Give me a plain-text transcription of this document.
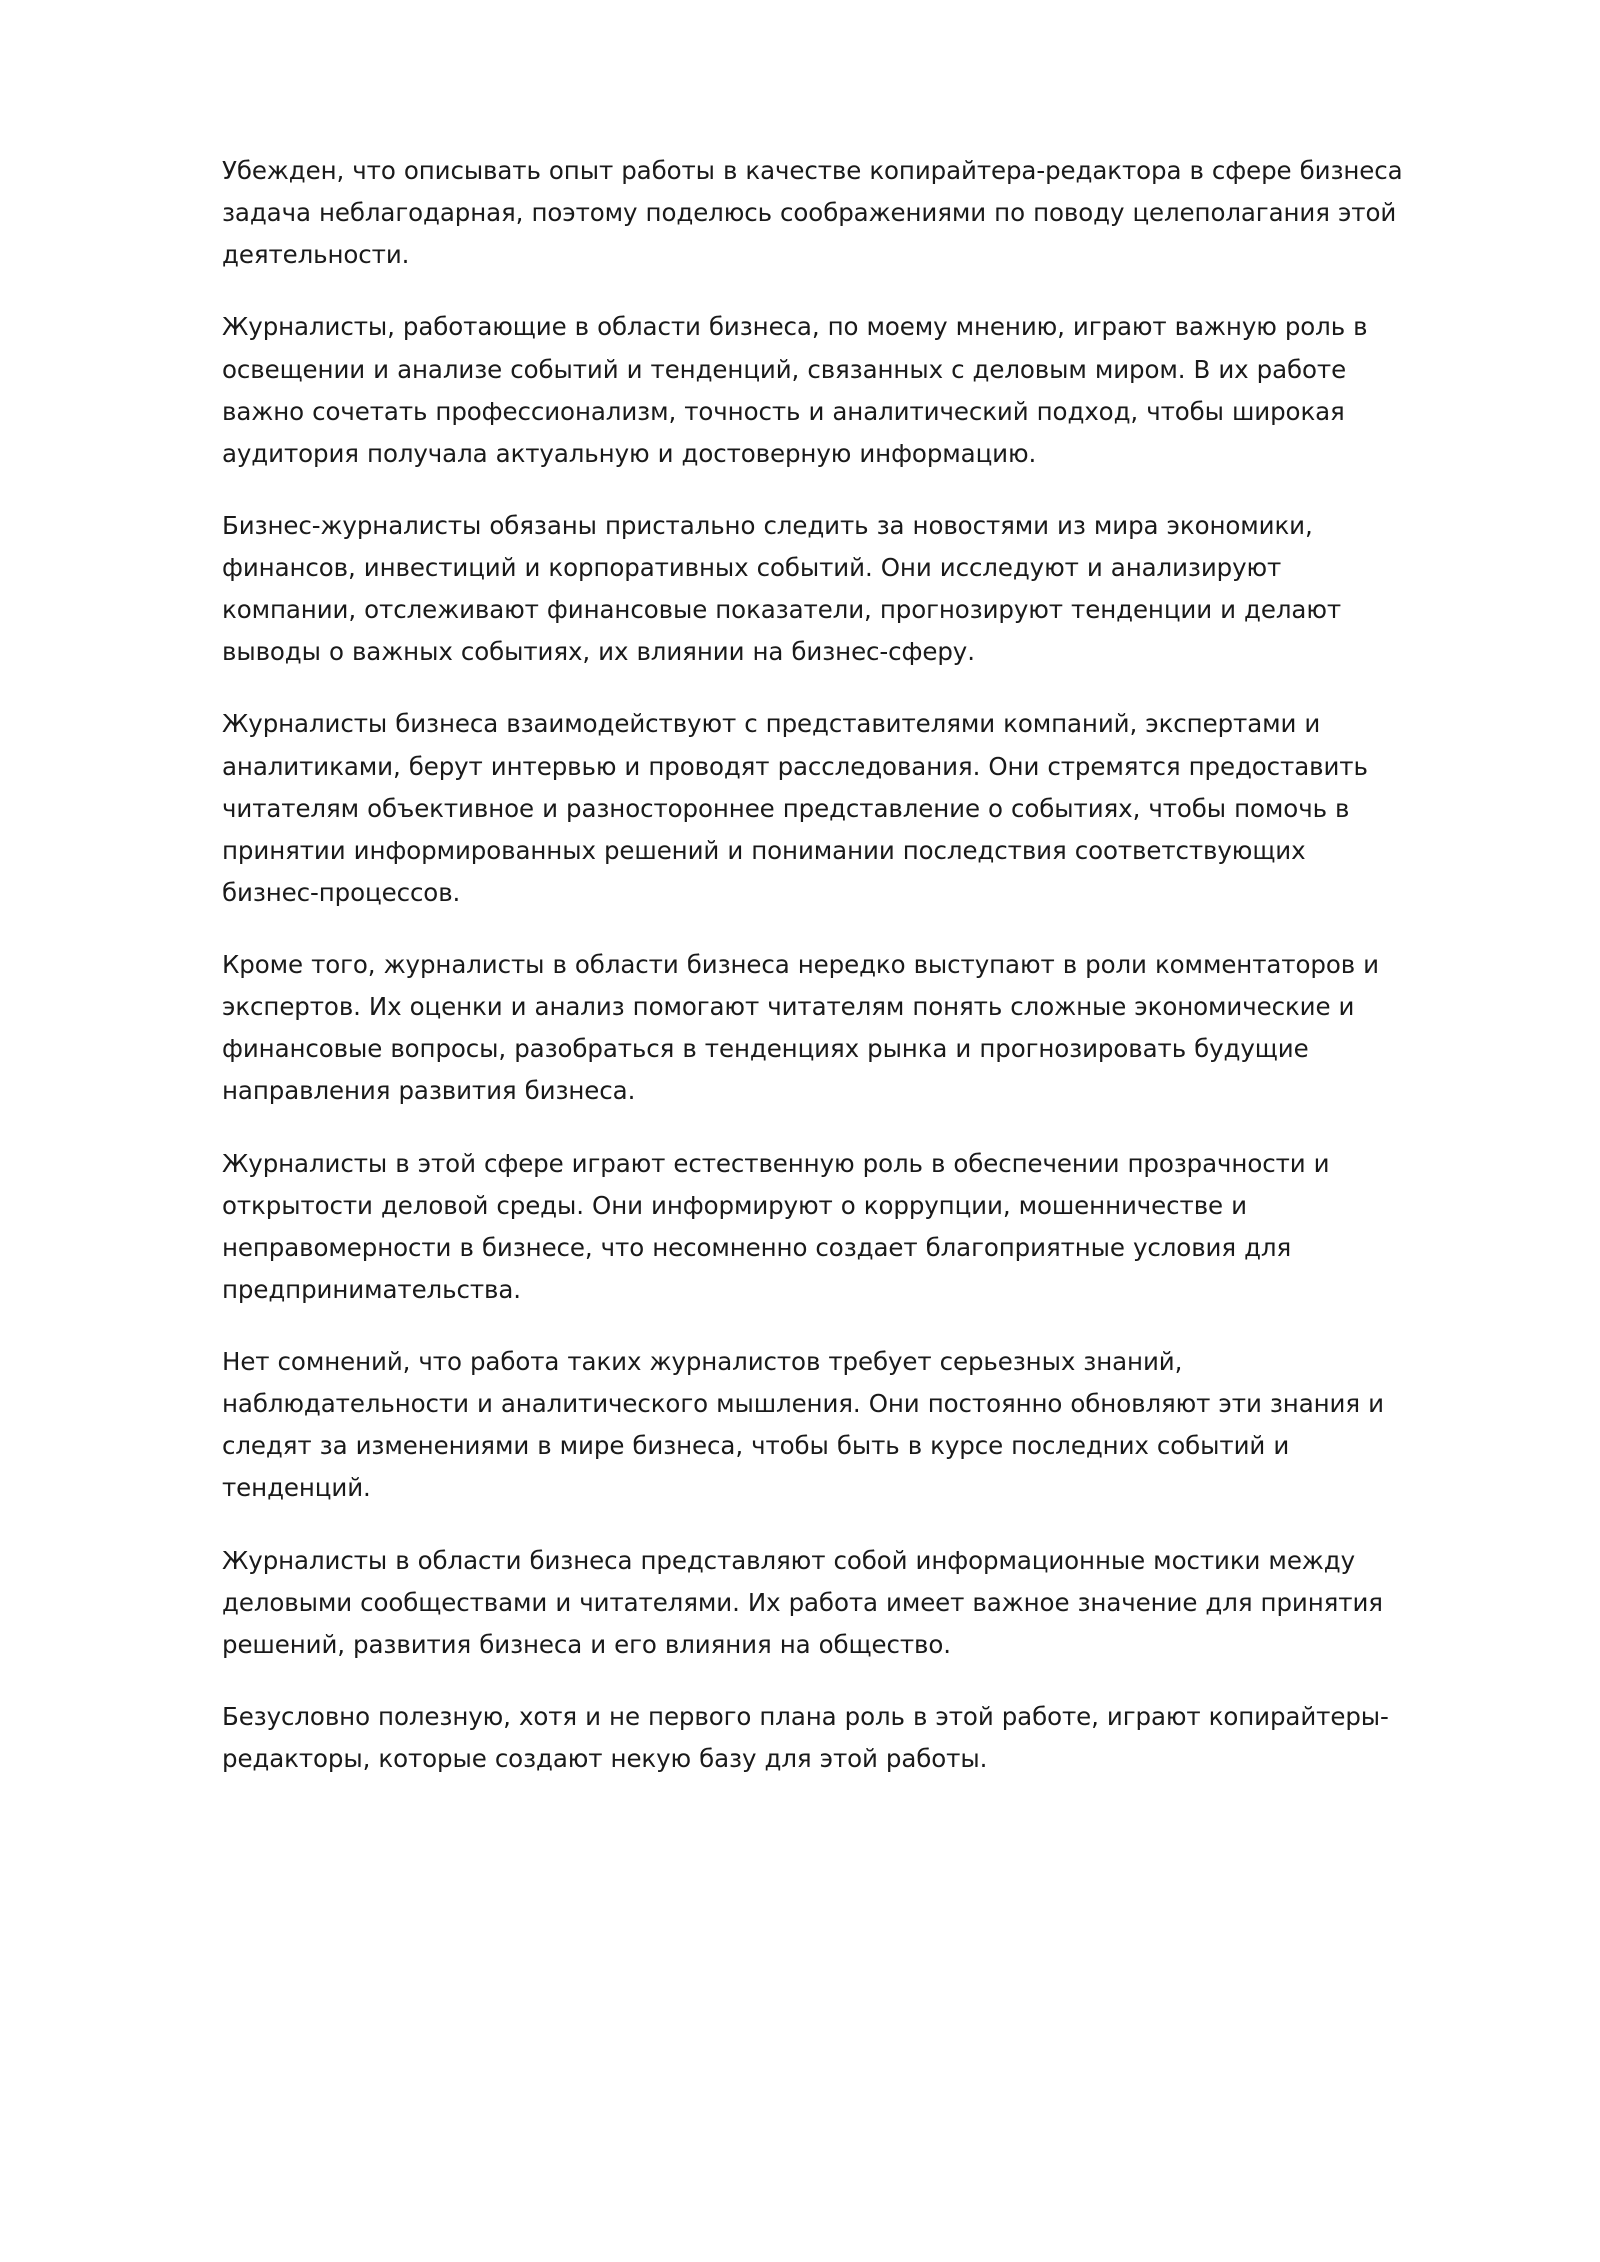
Убежден, что описывать опыт работы в качестве копирайтера-редактора в сфере бизнеса задача неблагодарная, поэтому поделюсь соображениями по поводу целеполагания этой деятельности.

Журналисты, работающие в области бизнеса, по моему мнению, играют важную роль в освещении и анализе событий и тенденций, связанных с деловым миром. В их работе важно сочетать профессионализм, точность и аналитический подход, чтобы широкая аудитория получала актуальную и достоверную информацию.

Бизнес-журналисты обязаны пристально следить за новостями из мира экономики, финансов, инвестиций и корпоративных событий. Они исследуют и анализируют компании, отслеживают финансовые показатели, прогнозируют тенденции и делают выводы о важных событиях, их влиянии на бизнес-сферу.

Журналисты бизнеса взаимодействуют с представителями компаний, экспертами и аналитиками, берут интервью и проводят расследования. Они стремятся предоставить читателям объективное и разностороннее представление о событиях, чтобы помочь в принятии информированных решений и понимании последствия соответствующих бизнес-процессов.

Кроме того, журналисты в области бизнеса нередко выступают в роли комментаторов и экспертов. Их оценки и анализ помогают читателям понять сложные экономические и финансовые вопросы, разобраться в тенденциях рынка и прогнозировать будущие направления развития бизнеса.

Журналисты в этой сфере играют естественную роль в обеспечении прозрачности и открытости деловой среды. Они информируют о коррупции, мошенничестве и неправомерности в бизнесе, что несомненно создает благоприятные условия для предпринимательства.

Нет сомнений, что работа таких журналистов требует серьезных знаний, наблюдательности и аналитического мышления. Они постоянно обновляют эти знания и следят за изменениями в мире бизнеса, чтобы быть в курсе последних событий и тенденций.

Журналисты в области бизнеса представляют собой информационные мостики между деловыми сообществами и читателями. Их работа имеет важное значение для принятия решений, развития бизнеса и его влияния на общество.

Безусловно полезную, хотя и не первого плана роль в этой работе, играют копирайтеры-редакторы, которые создают некую базу для этой работы.
